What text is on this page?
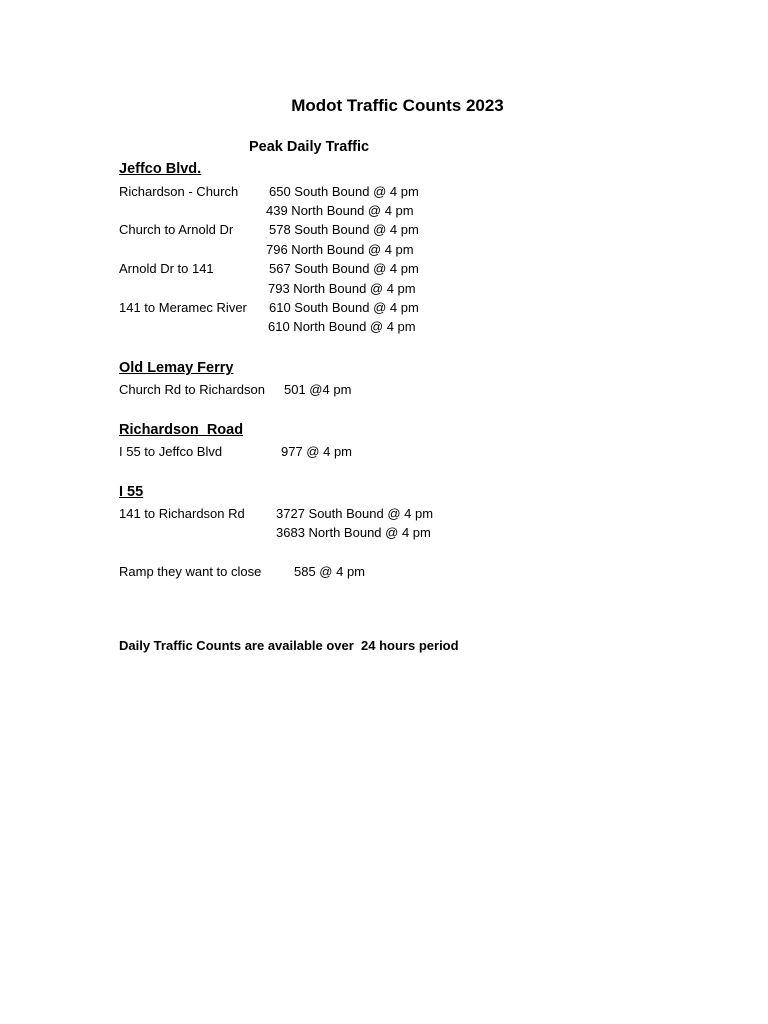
Modot Traffic Counts 2023
Peak Daily Traffic
Jeffco Blvd.
Richardson - Church 650 South Bound @ 4 pm
439 North Bound @ 4 pm
Church to Arnold Dr	578 South Bound @ 4 pm
796 North Bound @ 4 pm
Arnold Dr to 141	567 South Bound @ 4 pm
793 North Bound @ 4 pm
141 to Meramec River 610 South Bound @ 4 pm
610 North Bound @ 4 pm
Old Lemay Ferry
Church Rd to Richardson 501 @4 pm
Richardson  Road
I 55 to Jeffco Blvd	977 @ 4 pm
I 55
141 to Richardson Rd 3727 South Bound @ 4 pm
3683 North Bound @ 4 pm
Ramp they want to close	585 @ 4 pm
Daily Traffic Counts are available over  24 hours period
